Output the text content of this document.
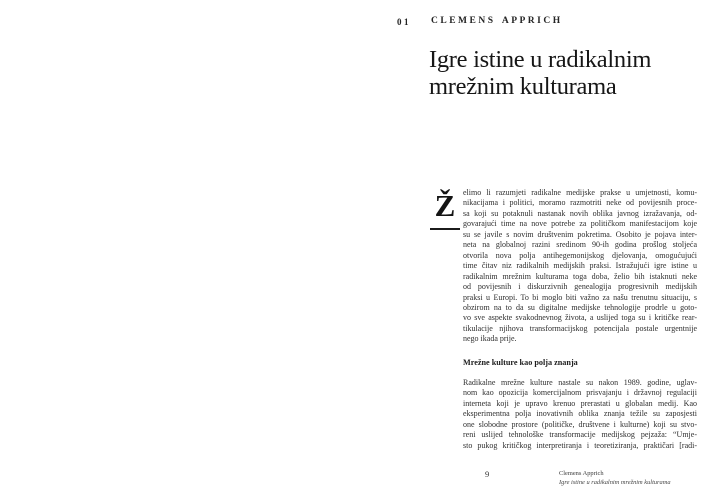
01 CLEMENS APPRICH
Igre istine u radikalnim mrežnim kulturama
Ž elimo li razumjeti radikalne medijske prakse u umjetnosti, komu-
nikacijama i politici, moramo razmotriti neke od povijesnih proce-
sa koji su potaknuli nastanak novih oblika javnog izražavanja, od-
govarajući time na nove potrebe za političkom manifestacijom koje
su se javile s novim društvenim pokretima. Osobito je pojava inter-
neta na globalnoj razini sredinom 90-ih godina prošlog stoljeća
otvorila nova polja antihegemonijskog djelovanja, omogućujući
time čitav niz radikalnih medijskih praksi. Istražujući igre istine u
radikalnim mrežnim kulturama toga doba, želio bih istaknuti neke
od povijesnih i diskurzivnih genealogija progresivnih medijskih
praksi u Europi. To bi moglo biti važno za našu trenutnu situaciju, s
obzirom na to da su digitalne medijske tehnologije prodrle u goto-
vo sve aspekte svakodnevnog života, a uslijed toga su i kritičke rear-
tikulacije njihova transformacijskog potencijala postale urgentnije
nego ikada prije.
Mrežne kulture kao polja znanja
Radikalne mrežne kulture nastale su nakon 1989. godine, uglav-
nom kao opozicija komercijalnom prisvajanju i državnoj regulaciji
interneta koji je upravo krenuo prerastati u globalan medij. Kao
eksperimentna polja inovativnih oblika znanja težile su zaposjesti
one slobodne prostore (političke, društvene i kulturne) koji su stvo-
reni uslijed tehnološke transformacije medijskog pejzaža: “Umje-
sto pukog kritičkog interpretiranja i teoretiziranja, praktičari [radi-
9	Clemens Apprich
Igre istine u radikalnim mrežnim kulturama
